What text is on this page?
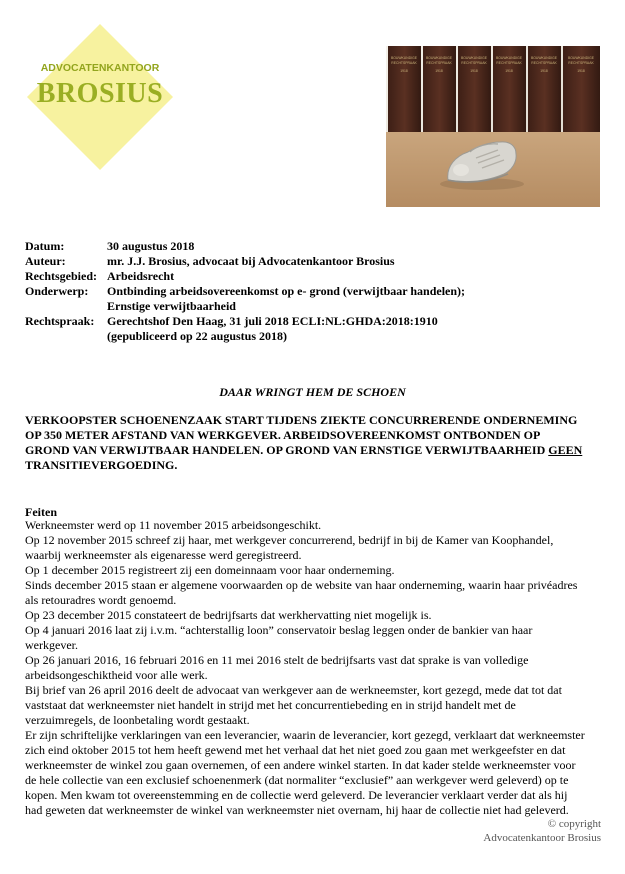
ADVOCATENKANTOOR
BROSIUS
BOUWKUNDIGE
RECHTSPRAAK
1918
BOUWKUNDIGE
RECHTSPRAAK
1918
BOUWKUNDIGE
RECHTSPRAAK
1918
BOUWKUNDIGE
RECHTSPRAAK
1918
BOUWKUNDIGE
RECHTSPRAAK
1918
BOUWKUNDIGE
RECHTSPRAAK
1918
Datum:	30 augustus 2018
Auteur:	mr. J.J. Brosius, advocaat bij Advocatenkantoor Brosius
Rechtsgebied: Arbeidsrecht
Onderwerp:	Ontbinding arbeidsovereenkomst op e- grond (verwijtbaar handelen);
Ernstige verwijtbaarheid
Rechtspraak:	Gerechtshof Den Haag, 31 juli 2018 ECLI:NL:GHDA:2018:1910
(gepubliceerd op 22 augustus 2018)
DAAR WRINGT HEM DE SCHOEN
VERKOOPSTER SCHOENENZAAK START TIJDENS ZIEKTE CONCURRERENDE ONDERNEMING OP 350 METER AFSTAND VAN WERKGEVER. ARBEIDSOVEREENKOMST ONTBONDEN OP GROND VAN VERWIJTBAAR HANDELEN. OP GROND VAN ERNSTIGE VERWIJTBAARHEID GEEN TRANSITIEVERGOEDING.
Feiten

Werkneemster werd op 11 november 2015 arbeidsongeschikt.

Op 12 november 2015 schreef zij haar, met werkgever concurrerend, bedrijf in bij de Kamer van Koophandel, waarbij werkneemster als eigenaresse werd geregistreerd.

Op 1 december 2015 registreert zij een domeinnaam voor haar onderneming.

Sinds december 2015 staan er algemene voorwaarden op de website van haar onderneming, waarin haar privéadres als retouradres wordt genoemd.

Op 23 december 2015 constateert de bedrijfsarts dat werkhervatting niet mogelijk is.

Op 4 januari 2016 laat zij i.v.m. “achterstallig loon” conservatoir beslag leggen onder de bankier van haar werkgever.

Op 26 januari 2016, 16 februari 2016 en 11 mei 2016 stelt de bedrijfsarts vast dat sprake is van volledige arbeidsongeschiktheid voor alle werk.

Bij brief van 26 april 2016 deelt de advocaat van werkgever aan de werkneemster, kort gezegd, mede dat tot dat vaststaat dat werkneemster niet handelt in strijd met het concurrentiebeding en in strijd handelt met de verzuimregels, de loonbetaling wordt gestaakt.

Er zijn schriftelijke verklaringen van een leverancier, waarin de leverancier, kort gezegd, verklaart dat werkneemster zich eind oktober 2015 tot hem heeft gewend met het verhaal dat het niet goed zou gaan met werkgeefster en dat werkneemster de winkel zou gaan overnemen, of een andere winkel starten. In dat kader stelde werkneemster voor de hele collectie van een exclusief schoenenmerk (dat normaliter “exclusief” aan werkgever werd geleverd) op te kopen. Men kwam tot overeenstemming en de collectie werd geleverd. De leverancier verklaart verder dat als hij had geweten dat werkneemster de winkel van werkneemster niet overnam, hij haar de collectie niet had geleverd.

© copyright
Advocatenkantoor Brosius
